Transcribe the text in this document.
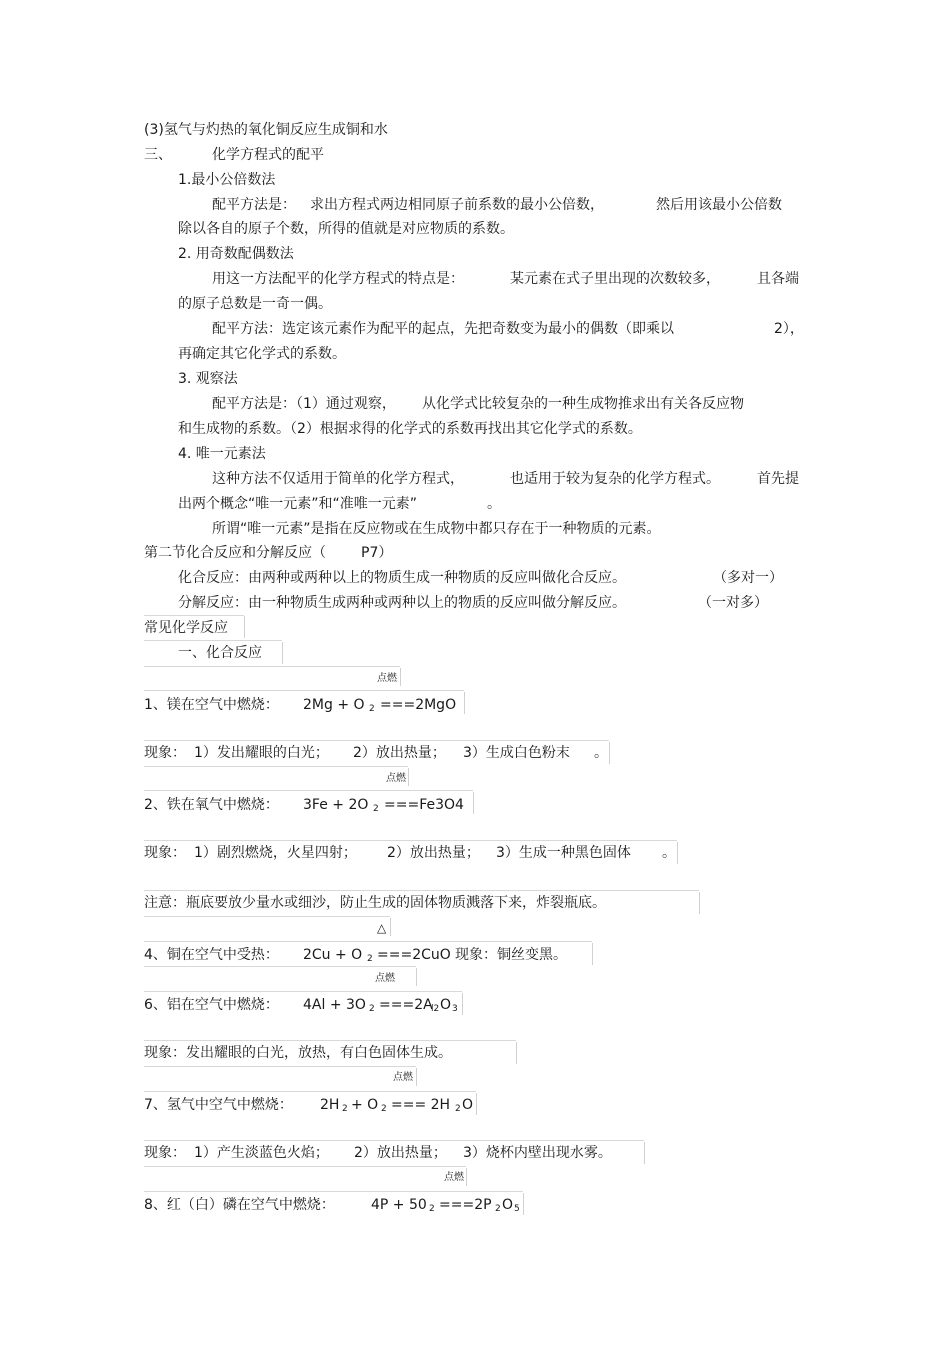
(3)氢气与灼热的氧化铜反应生成铜和水
三、	化学方程式的配平
1.最小公倍数法
配平方法是： 求出方程式两边相同原子前系数的最小公倍数，	然后用该最小公倍数
除以各自的原子个数，所得的值就是对应物质的系数。
2. 用奇数配偶数法
用这一方法配平的化学方程式的特点是：	某元素在式子里出现的次数较多，	且各端
的原子总数是一奇一偶。
配平方法：选定该元素作为配平的起点，先把奇数变为最小的偶数（即乘以	2），
再确定其它化学式的系数。
3. 观察法
配平方法是：（1）通过观察， 从化学式比较复杂的一种生成物推求出有关各反应物
和生成物的系数。（2）根据求得的化学式的系数再找出其它化学式的系数。
4. 唯一元素法
这种方法不仅适用于简单的化学方程式，	也适用于较为复杂的化学方程式。	首先提
出两个概念“唯一元素”和“准唯一元素”	。
所谓“唯一元素”是指在反应物或在生成物中都只存在于一种物质的元素。
第二节化合反应和分解反应（	P7）
化合反应：由两种或两种以上的物质生成一种物质的反应叫做化合反应。	（多对一）
分解反应：由一种物质生成两种或两种以上的物质的反应叫做分解反应。	（一对多）
常见化学反应
一、化合反应
点燃
1、镁在空气中燃烧： 2Mg + O 2 ===2MgO
现象： 1）发出耀眼的白光； 2）放出热量； 3）生成白色粉末 。
点燃
2、铁在氧气中燃烧： 3Fe + 2O 2 ===Fe3O4
现象： 1）剧烈燃烧，火星四射； 2）放出热量； 3）生成一种黑色固体 。
注意：瓶底要放少量水或细沙，防止生成的固体物质溅落下来，炸裂瓶底。
△
4、铜在空气中受热： 2Cu + O 2 ===2CuO 现象：铜丝变黑。
点燃
6、铝在空气中燃烧： 4Al + 3O 2 ===2A
l2 O 3
现象：发出耀眼的白光，放热，有白色固体生成。
点燃
7、氢气中空气中燃烧： 2H 2 + O 2 === 2H 2 O
现象： 1）产生淡蓝色火焰； 2）放出热量； 3）烧杯内壁出现水雾。
点燃
8、红（白）磷在空气中燃烧：	4P + 50 2 ===2P 2 O 5
